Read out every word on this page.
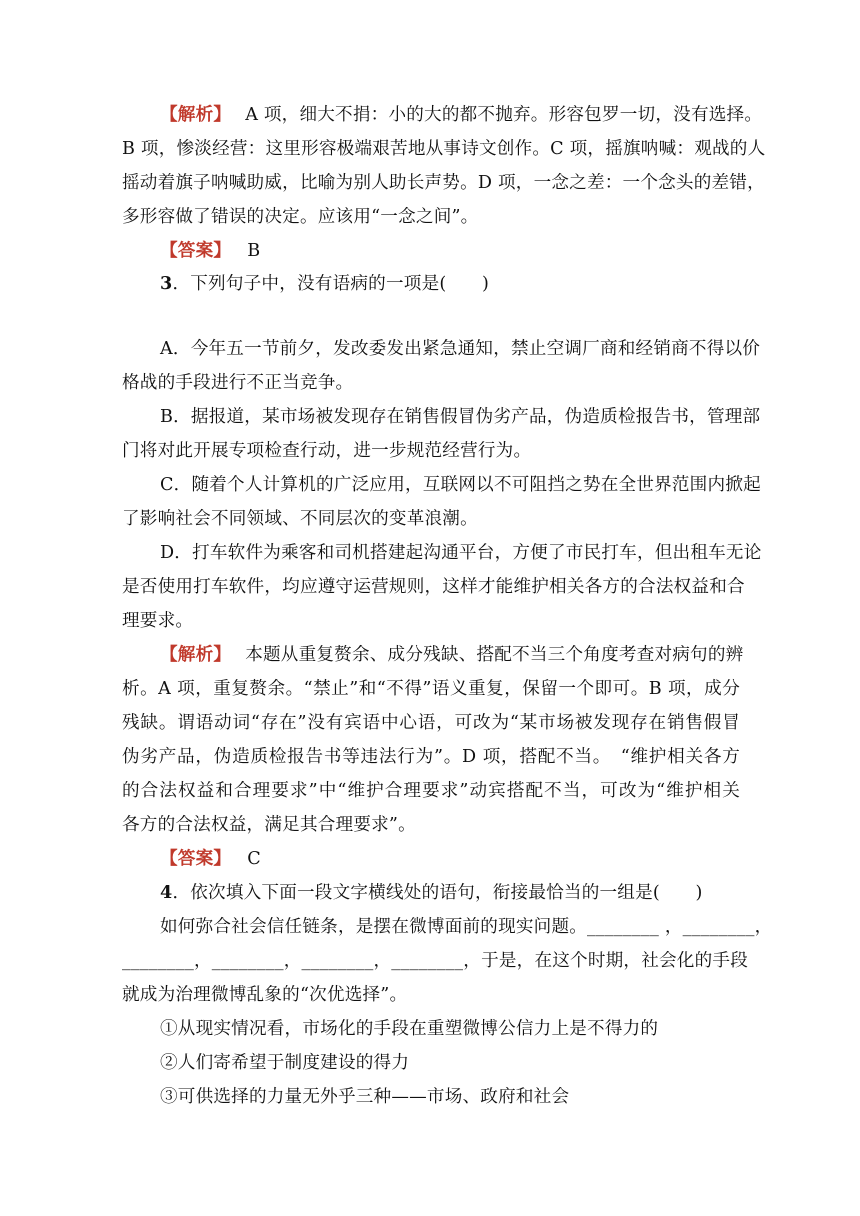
【解析】 A 项，细大不捐：小的大的都不抛弃。形容包罗一切，没有选择。
B 项，惨淡经营：这里形容极端艰苦地从事诗文创作。C 项，摇旗呐喊：观战的人
摇动着旗子呐喊助威，比喻为别人助长声势。D 项，一念之差：一个念头的差错，
多形容做了错误的决定。应该用“一念之间”。
【答案】 B
3．下列句子中，没有语病的一项是(　　)
A．今年五一节前夕，发改委发出紧急通知，禁止空调厂商和经销商不得以价
格战的手段进行不正当竞争。
B．据报道，某市场被发现存在销售假冒伪劣产品，伪造质检报告书，管理部
门将对此开展专项检查行动，进一步规范经营行为。
C．随着个人计算机的广泛应用，互联网以不可阻挡之势在全世界范围内掀起
了影响社会不同领域、不同层次的变革浪潮。
D．打车软件为乘客和司机搭建起沟通平台，方便了市民打车，但出租车无论
是否使用打车软件，均应遵守运营规则，这样才能维护相关各方的合法权益和合
理要求。
【解析】 本题从重复赘余、成分残缺、搭配不当三个角度考查对病句的辨
析。A 项，重复赘余。“禁止”和“不得”语义重复，保留一个即可。B 项，成分
残缺。谓语动词“存在”没有宾语中心语，可改为“某市场被发现存在销售假冒
伪劣产品，伪造质检报告书等违法行为”。D 项，搭配不当。　“维护相关各方
的合法权益和合理要求”中“维护合理要求”动宾搭配不当，可改为“维护相关
各方的合法权益，满足其合理要求”。
【答案】 C
4．依次填入下面一段文字横线处的语句，衔接最恰当的一组是(　　)
如何弥合社会信任链条，是摆在微博面前的现实问题。________ ，________，
________，________，________，________，于是，在这个时期，社会化的手段
就成为治理微博乱象的“次优选择”。
①从现实情况看，市场化的手段在重塑微博公信力上是不得力的
②人们寄希望于制度建设的得力
③可供选择的力量无外乎三种——市场、政府和社会
